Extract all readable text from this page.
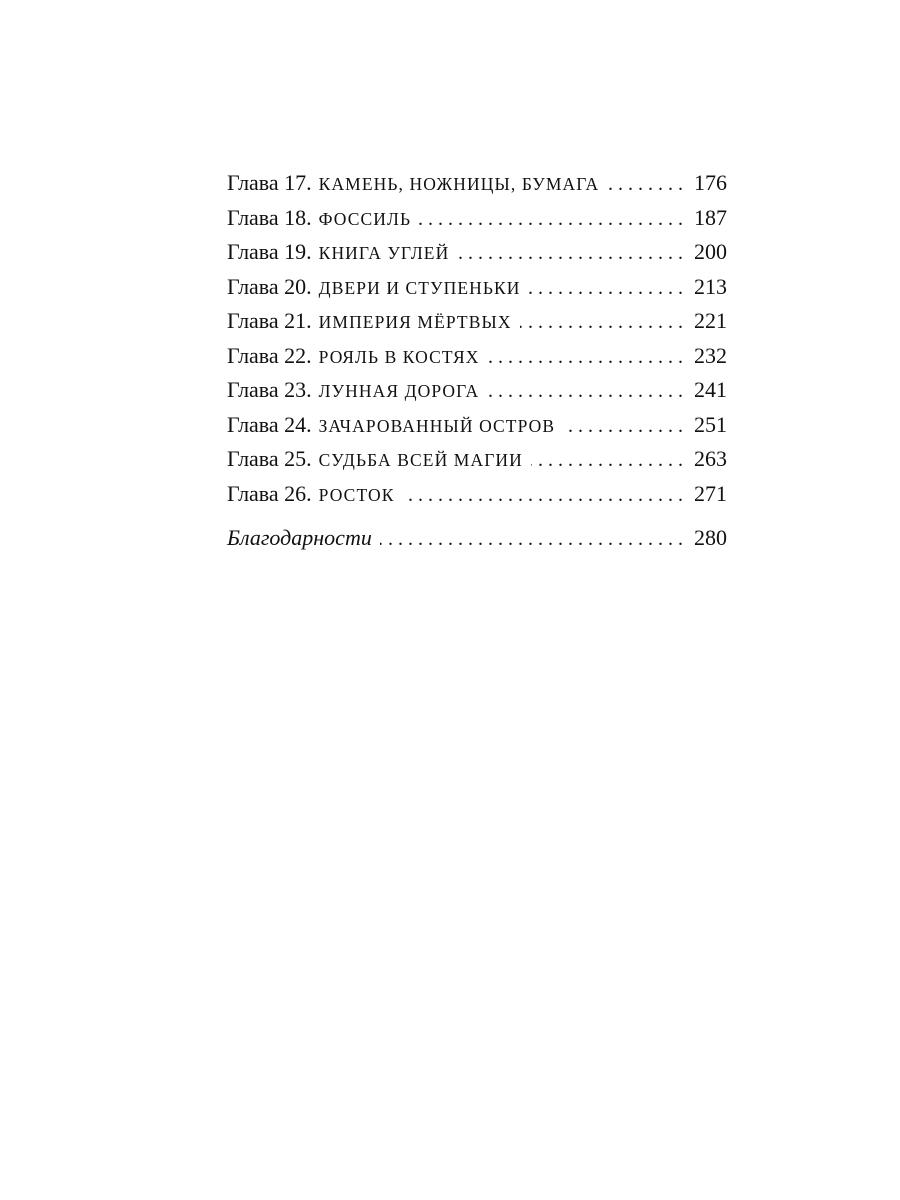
Глава 17. КАМЕНЬ, НОЖНИЦЫ, БУМАГА . . .	176
Глава 18. ФОССИЛЬ . . .	187
Глава 19. КНИГА УГЛЕЙ . . .	200
Глава 20. ДВЕРИ И СТУПЕНЬКИ . . .	213
Глава 21. ИМПЕРИЯ МЁРТВЫХ . . .	221
Глава 22. РОЯЛЬ В КОСТЯХ . . .	232
Глава 23. ЛУННАЯ ДОРОГА . . .	241
Глава 24. ЗАЧАРОВАННЫЙ ОСТРОВ . . .	251
Глава 25. СУДЬБА ВСЕЙ МАГИИ . . .	263
Глава 26. РОСТОК . . .	271
Благодарности . . .	280
